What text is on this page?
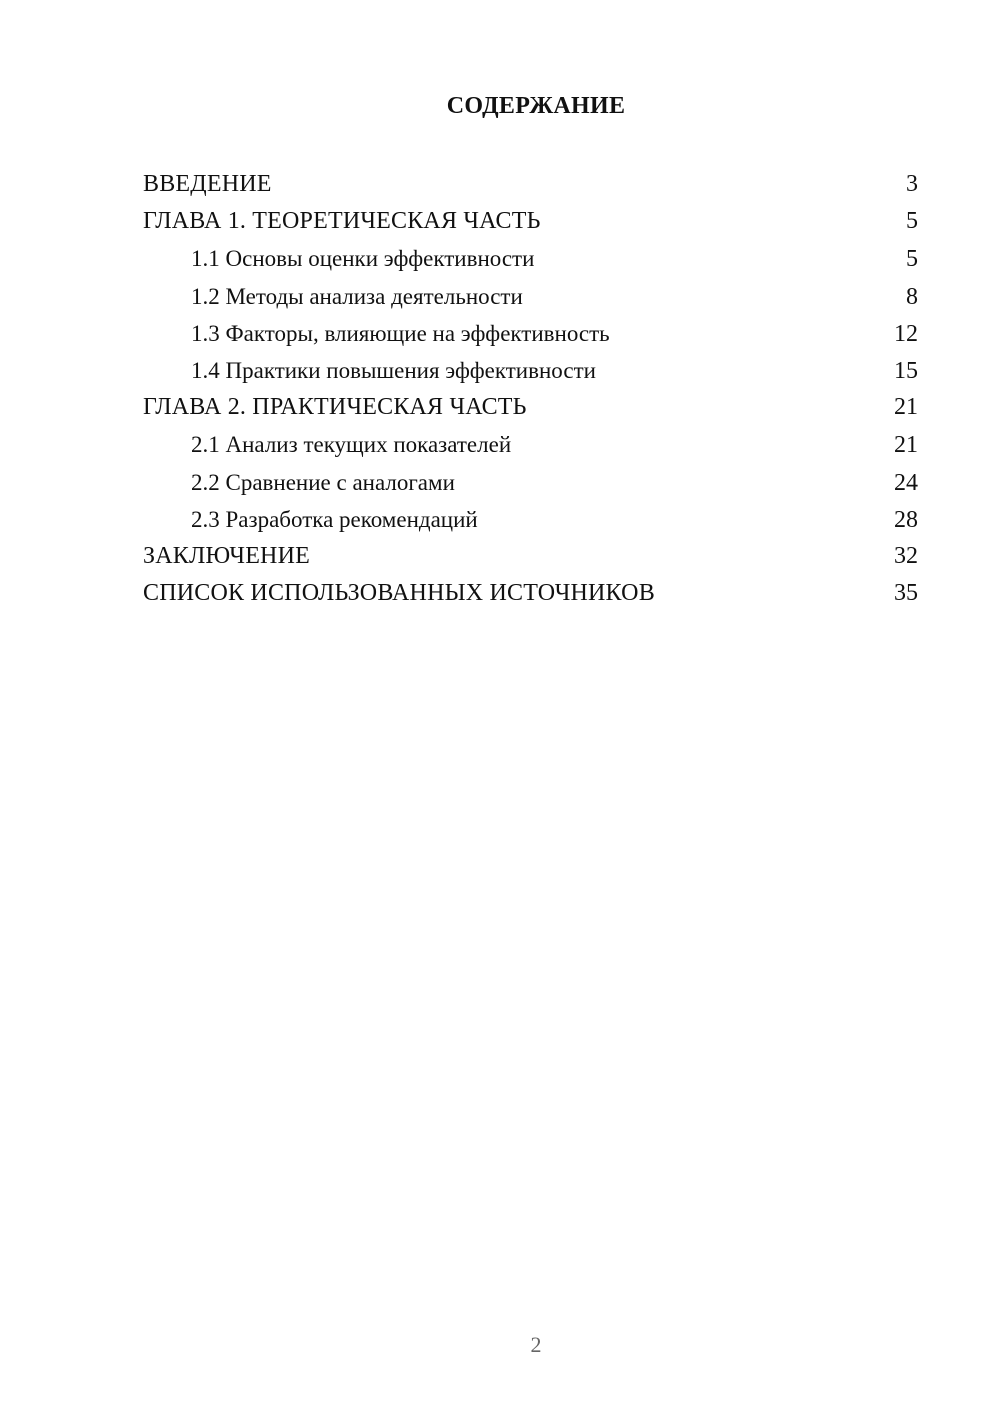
СОДЕРЖАНИЕ
ВВЕДЕНИЕ	3
ГЛАВА 1. ТЕОРЕТИЧЕСКАЯ ЧАСТЬ	5
1.1 Основы оценки эффективности	5
1.2 Методы анализа деятельности	8
1.3 Факторы, влияющие на эффективность	12
1.4 Практики повышения эффективности	15
ГЛАВА 2. ПРАКТИЧЕСКАЯ ЧАСТЬ	21
2.1 Анализ текущих показателей	21
2.2 Сравнение с аналогами	24
2.3 Разработка рекомендаций	28
ЗАКЛЮЧЕНИЕ	32
СПИСОК ИСПОЛЬЗОВАННЫХ ИСТОЧНИКОВ	35
2
